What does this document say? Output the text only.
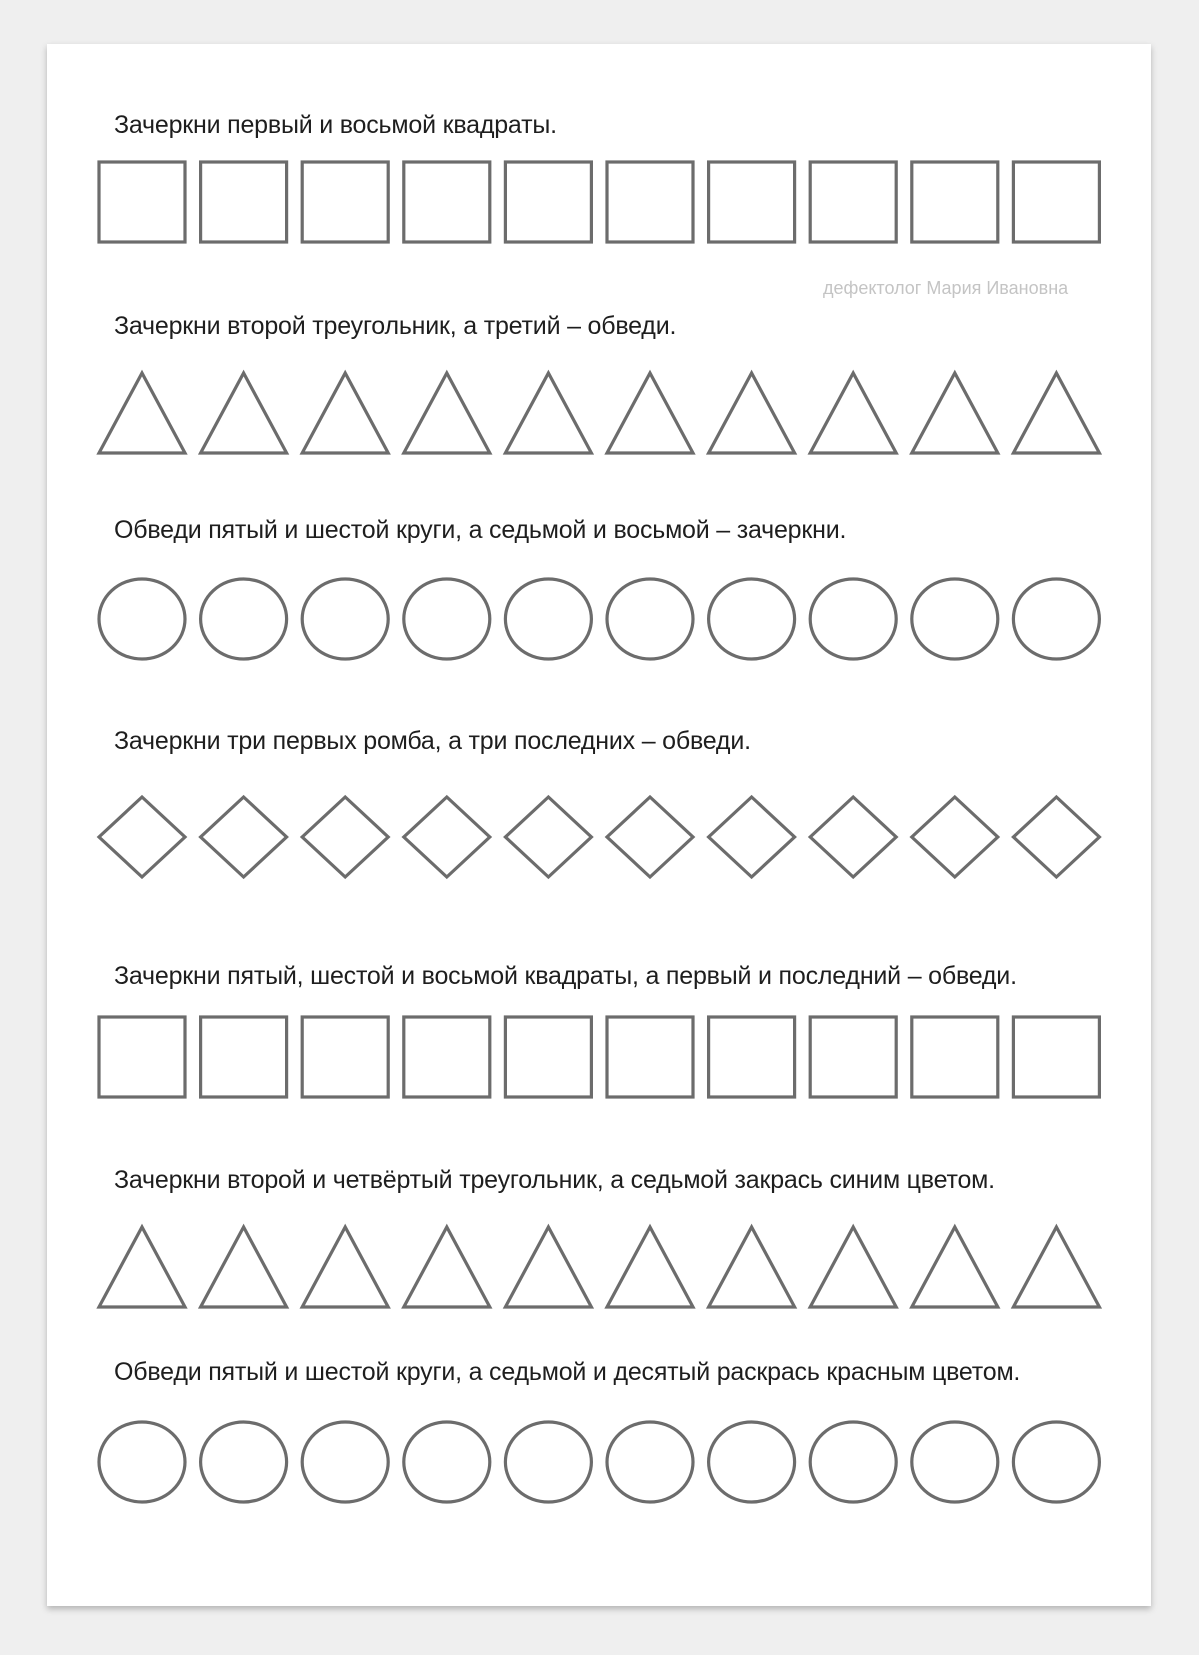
дефектолог Мария Ивановна
Зачеркни первый и восьмой квадраты.
Зачеркни второй треугольник, а третий – обведи.
Обведи пятый и шестой круги, а седьмой и восьмой – зачеркни.
Зачеркни три первых ромба, а три последних – обведи.
Зачеркни пятый, шестой и восьмой квадраты, а первый и последний – обведи.
Зачеркни второй и четвёртый треугольник, а седьмой закрась синим цветом.
Обведи пятый и шестой круги, а седьмой и десятый раскрась красным цветом.
